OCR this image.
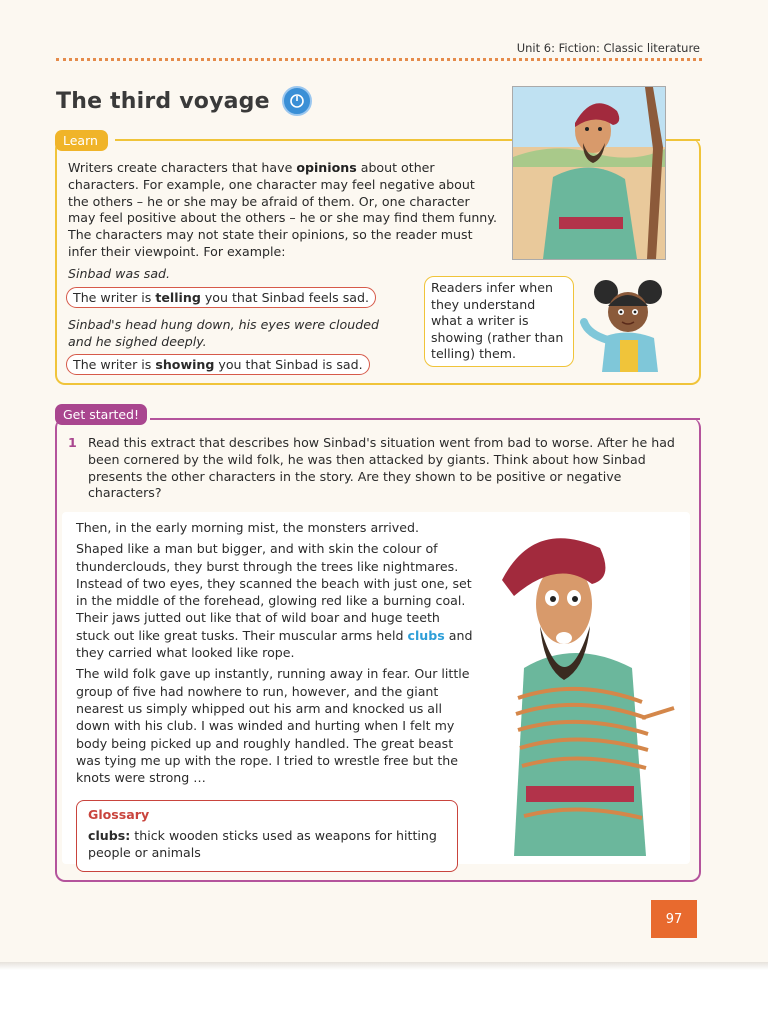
Unit 6: Fiction: Classic literature
The third voyage
Learn
Writers create characters that have opinions about other characters. For example, one character may feel negative about the others – he or she may be afraid of them. Or, one character may feel positive about the others – he or she may find them funny. The characters may not state their opinions, so the reader must infer their viewpoint. For example:
Sinbad was sad.
The writer is telling you that Sinbad feels sad.
Sinbad's head hung down, his eyes were clouded and he sighed deeply.
The writer is showing you that Sinbad is sad.
Readers infer when they understand what a writer is showing (rather than telling) them.
Get started!
1 Read this extract that describes how Sinbad's situation went from bad to worse. After he had been cornered by the wild folk, he was then attacked by giants. Think about how Sinbad presents the other characters in the story. Are they shown to be positive or negative characters?

Then, in the early morning mist, the monsters arrived.

Shaped like a man but bigger, and with skin the colour of thunderclouds, they burst through the trees like nightmares. Instead of two eyes, they scanned the beach with just one, set in the middle of the forehead, glowing red like a burning coal. Their jaws jutted out like that of wild boar and huge teeth stuck out like great tusks. Their muscular arms held clubs and they carried what looked like rope.

The wild folk gave up instantly, running away in fear. Our little group of five had nowhere to run, however, and the giant nearest us simply whipped out his arm and knocked us all down with his club. I was winded and hurting when I felt my body being picked up and roughly handled. The great beast was tying me up with the rope. I tried to wrestle free but the knots were strong …

Glossary
clubs: thick wooden sticks used as weapons for hitting people or animals
97
